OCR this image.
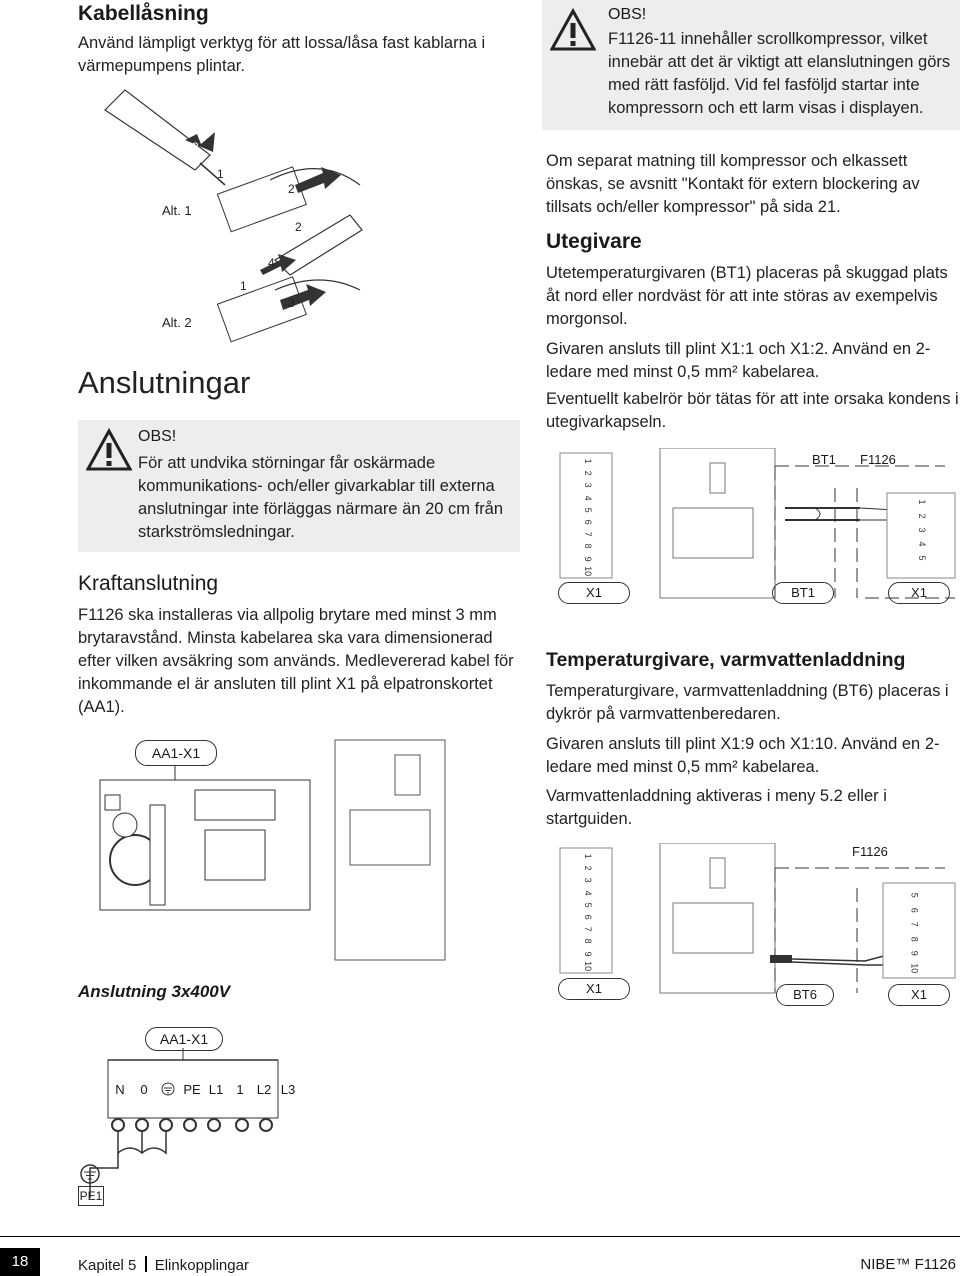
Kabellåsning
Använd lämpligt verktyg för att lossa/låsa fast kablarna i värmepumpens plintar.
Alt. 1
Alt. 2
3
1
2
2
4
1
3
Anslutningar
OBS!
För att undvika störningar får oskärmade kommunikations- och/eller givarkablar till externa anslutningar inte förläggas närmare än 20 cm från starkströmsledningar.
Kraftanslutning
F1126 ska installeras via allpolig brytare med minst 3 mm brytaravstånd. Minsta kabelarea ska vara dimensionerad efter vilken avsäkring som används. Medlevererad kabel för inkommande el är ansluten till plint X1 på elpatronskortet (AA1).
AA1-X1
Anslutning 3x400V
AA1-X1
N	0	PE L1	1	L2 L3
PE1
OBS!
F1126-11 innehåller scrollkompressor, vilket innebär att det är viktigt att elanslutningen görs med rätt fasföljd. Vid fel fasföljd startar inte kompressorn och ett larm visas i displayen.
Om separat matning till kompressor och elkassett önskas, se avsnitt "Kontakt för extern blockering av tillsats och/eller kompressor" på sida 21.
Utegivare
Utetemperaturgivaren (BT1) placeras på skuggad plats åt nord eller nordväst för att inte störas av exempelvis morgonsol.
Givaren ansluts till plint X1:1 och X1:2. Använd en 2-ledare med minst 0,5 mm² kabelarea.
Eventuellt kabelrör bör tätas för att inte orsaka kondens i utegivarkapseln.
BT1 F1126
X1	BT1	X1
Temperaturgivare, varmvattenladdning
Temperaturgivare, varmvattenladdning (BT6) placeras i dykrör på varmvattenberedaren.
Givaren ansluts till plint X1:9 och X1:10. Använd en 2-ledare med minst 0,5 mm² kabelarea.
Varmvattenladdning aktiveras i meny 5.2 eller i startguiden.
F1126
X1	BT6	X1
1
2
3
4
5
6
7
8
9
10
1
2
3
4
5
1
2
3
4
5
6
7
8
9
10
5
6
7
8
9
10
18	Kapitel 5 Elinkopplingar	NIBE™ F1126
